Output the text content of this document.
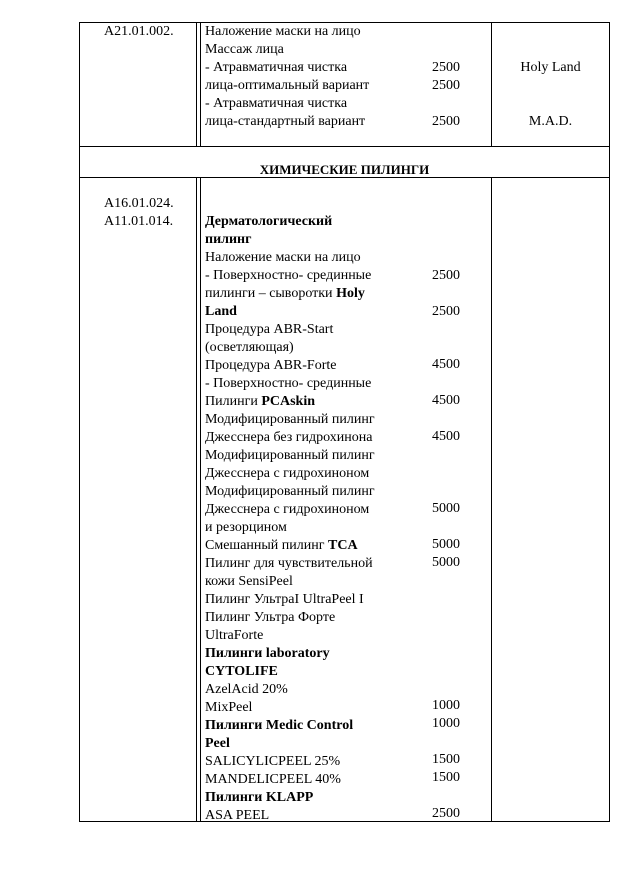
A21.01.002. Наложение маски на лицо
Массаж лица
- Атравматичная чистка
лица-оптимальный вариант
- Атравматичная чистка
лица-стандартный вариант
2500
2500
2500
Holy Land
M.A.D.
ХИМИЧЕСКИЕ ПИЛИНГИ
A16.01.024.
A11.01.014. Дерматологический
пилинг
Наложение маски на лицо
- Поверхностно- срединные
пилинги – сыворотки Holy
Land
Процедура ABR-Start
(осветляющая)
Процедура ABR-Forte
- Поверхностно- срединные
Пилинги PCAskin
Модифицированный пилинг
Джесснера без гидрохинона
Модифицированный пилинг
Джесснера с гидрохиноном
Модифицированный пилинг
Джесснера с гидрохиноном
и резорцином
Смешанный пилинг TCA
Пилинг для чувствительной
кожи SensiPeel
Пилинг УльтраI UltraPeel I
Пилинг Ультра Форте
UltraForte
Пилинги laboratory
CYTOLIFE
AzelAcid 20%
MixPeel
Пилинги Medic Control
Peel
SALICYLICPEEL 25%
MANDELICPEEL 40%
Пилинги KLAPP
ASA PEEL
2500
2500
4500
4500
4500
5000
5000
5000
1000
1000
1500
1500
2500
